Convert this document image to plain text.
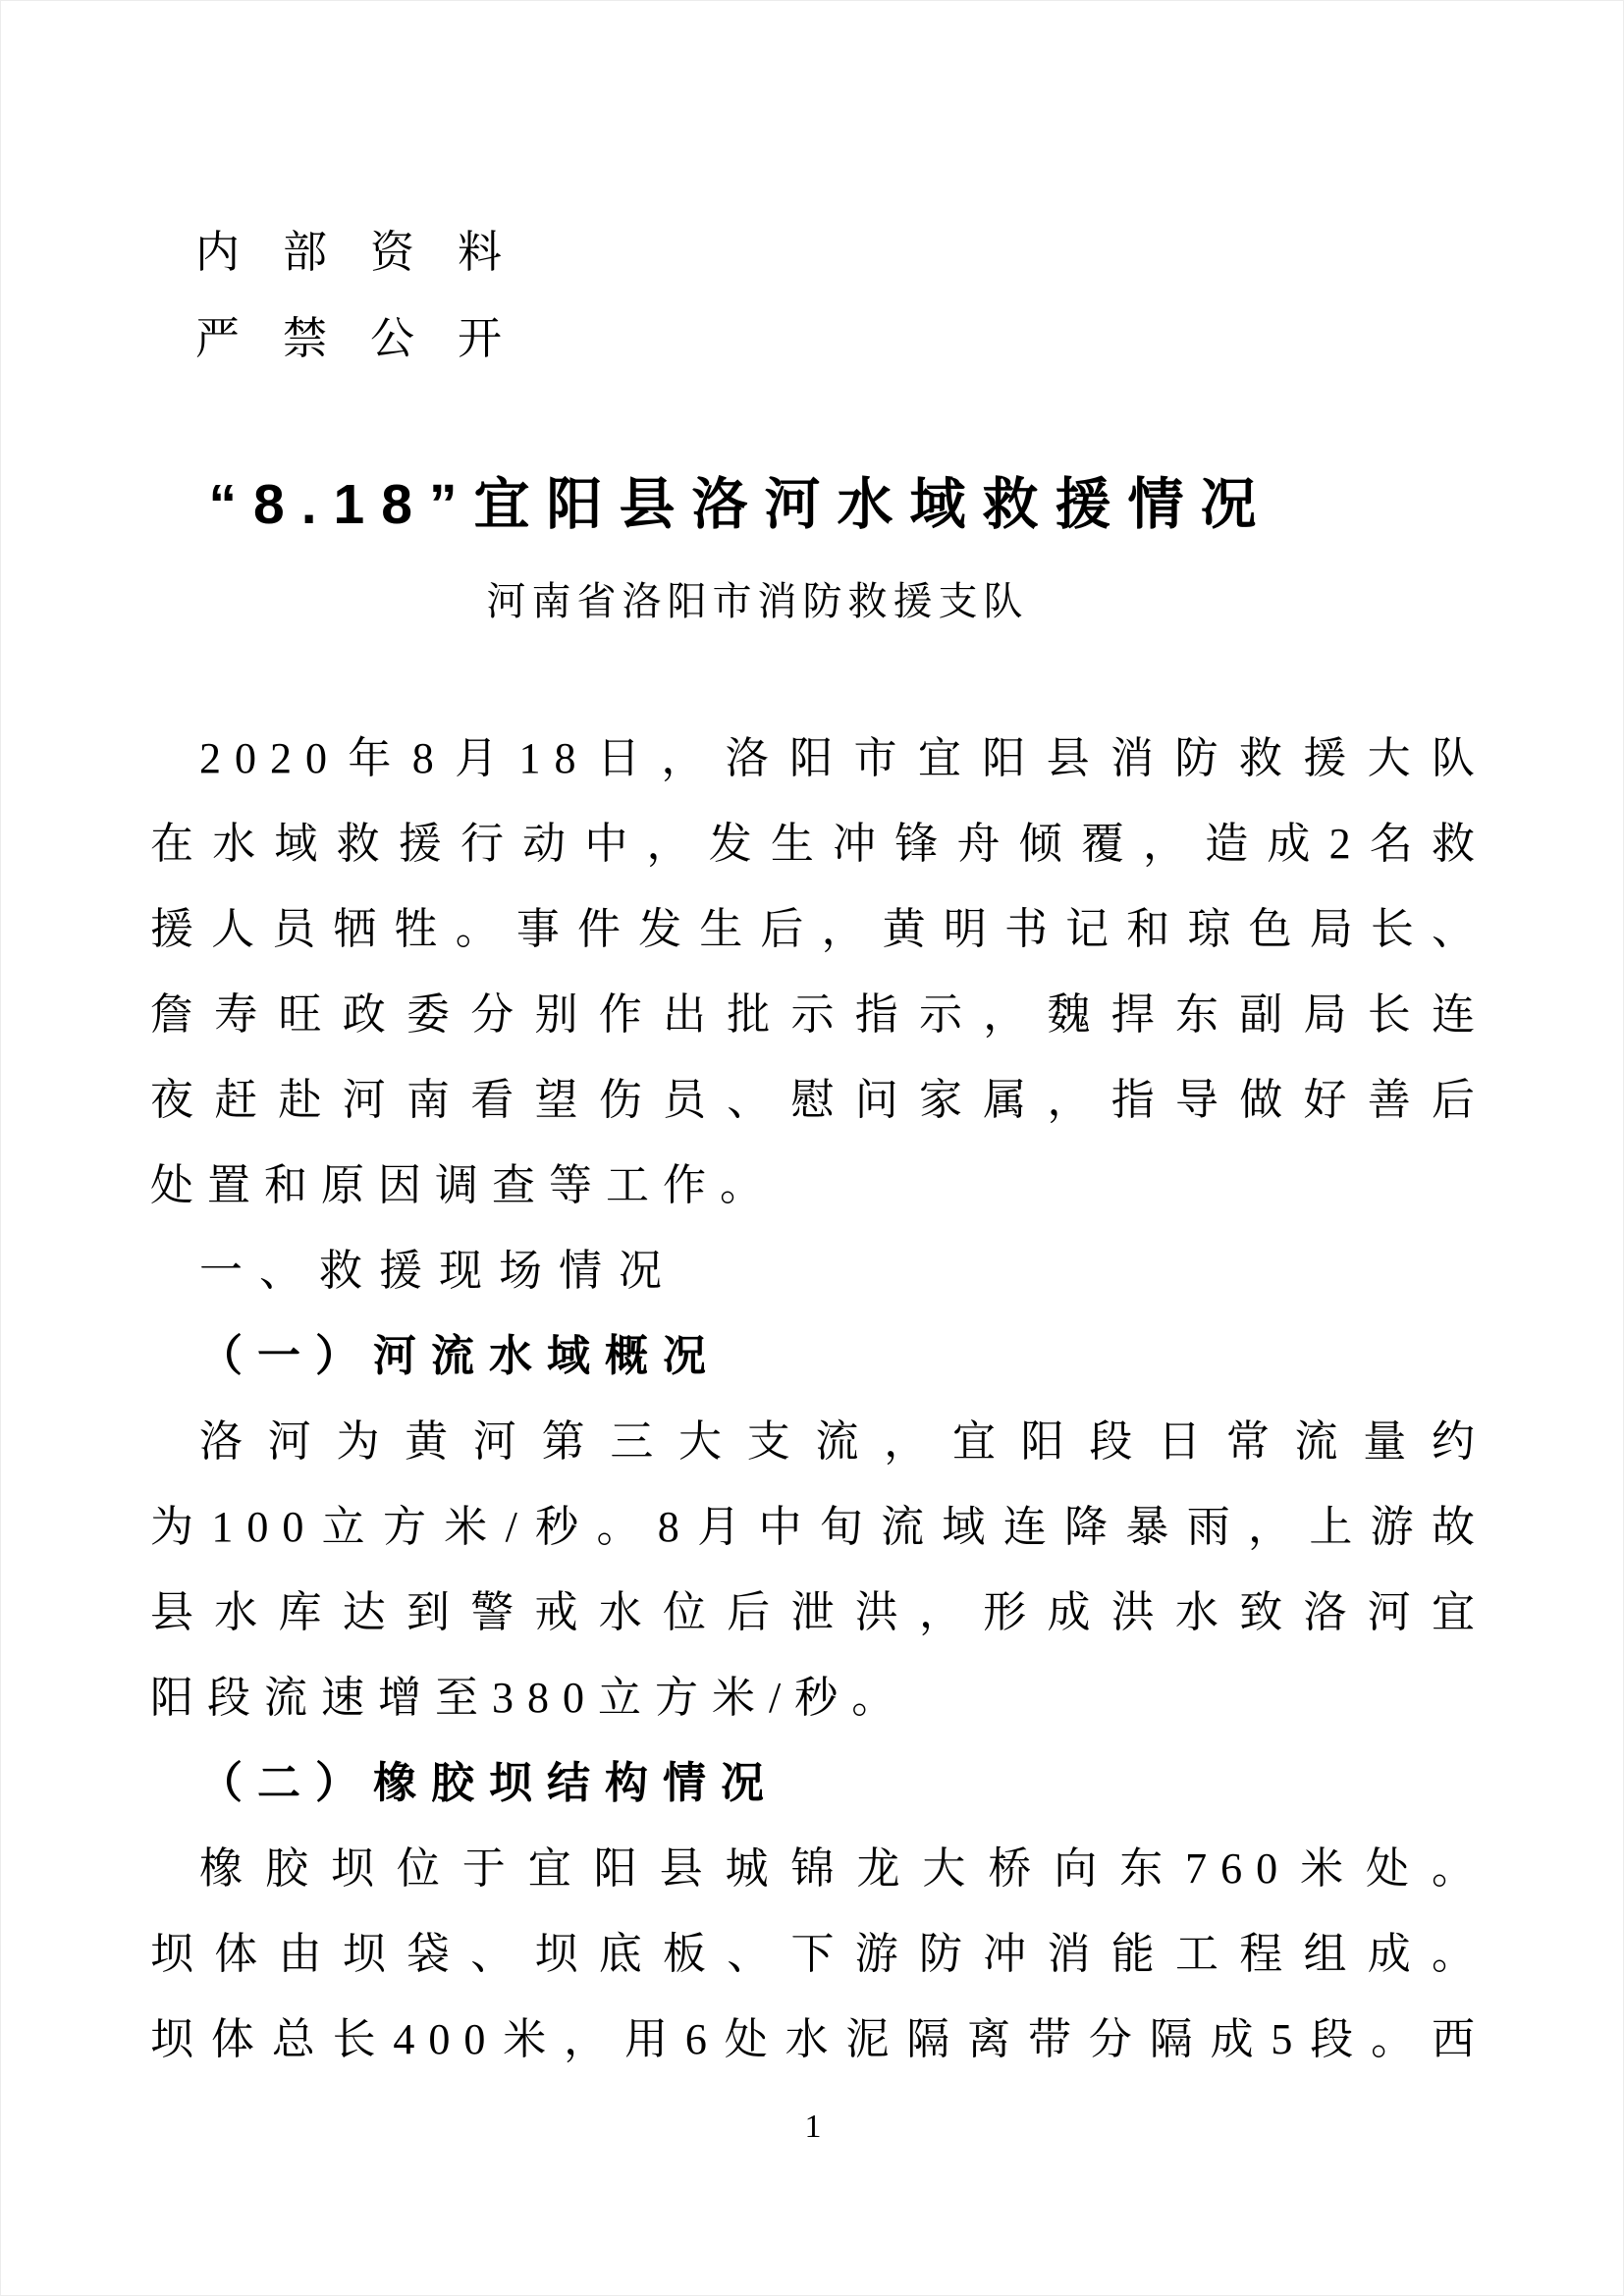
内部资料
严禁公开
“8.18”宜阳县洛河水域救援情况
河南省洛阳市消防救援支队
2020年8月18日，洛阳市宜阳县消防救援大队
在水域救援行动中，发生冲锋舟倾覆，造成2名救
援人员牺牲。事件发生后，黄明书记和琼色局长、
詹寿旺政委分别作出批示指示，魏捍东副局长连
夜赶赴河南看望伤员、慰问家属，指导做好善后
处置和原因调查等工作。
一、救援现场情况
（一）河流水域概况
洛河为黄河第三大支流，宜阳段日常流量约
为100立方米/秒。8月中旬流域连降暴雨，上游故
县水库达到警戒水位后泄洪，形成洪水致洛河宜
阳段流速增至380立方米/秒。
（二）橡胶坝结构情况
橡胶坝位于宜阳县城锦龙大桥向东760米处。
坝体由坝袋、坝底板、下游防冲消能工程组成。
坝体总长400米，用6处水泥隔离带分隔成5段。西
1
